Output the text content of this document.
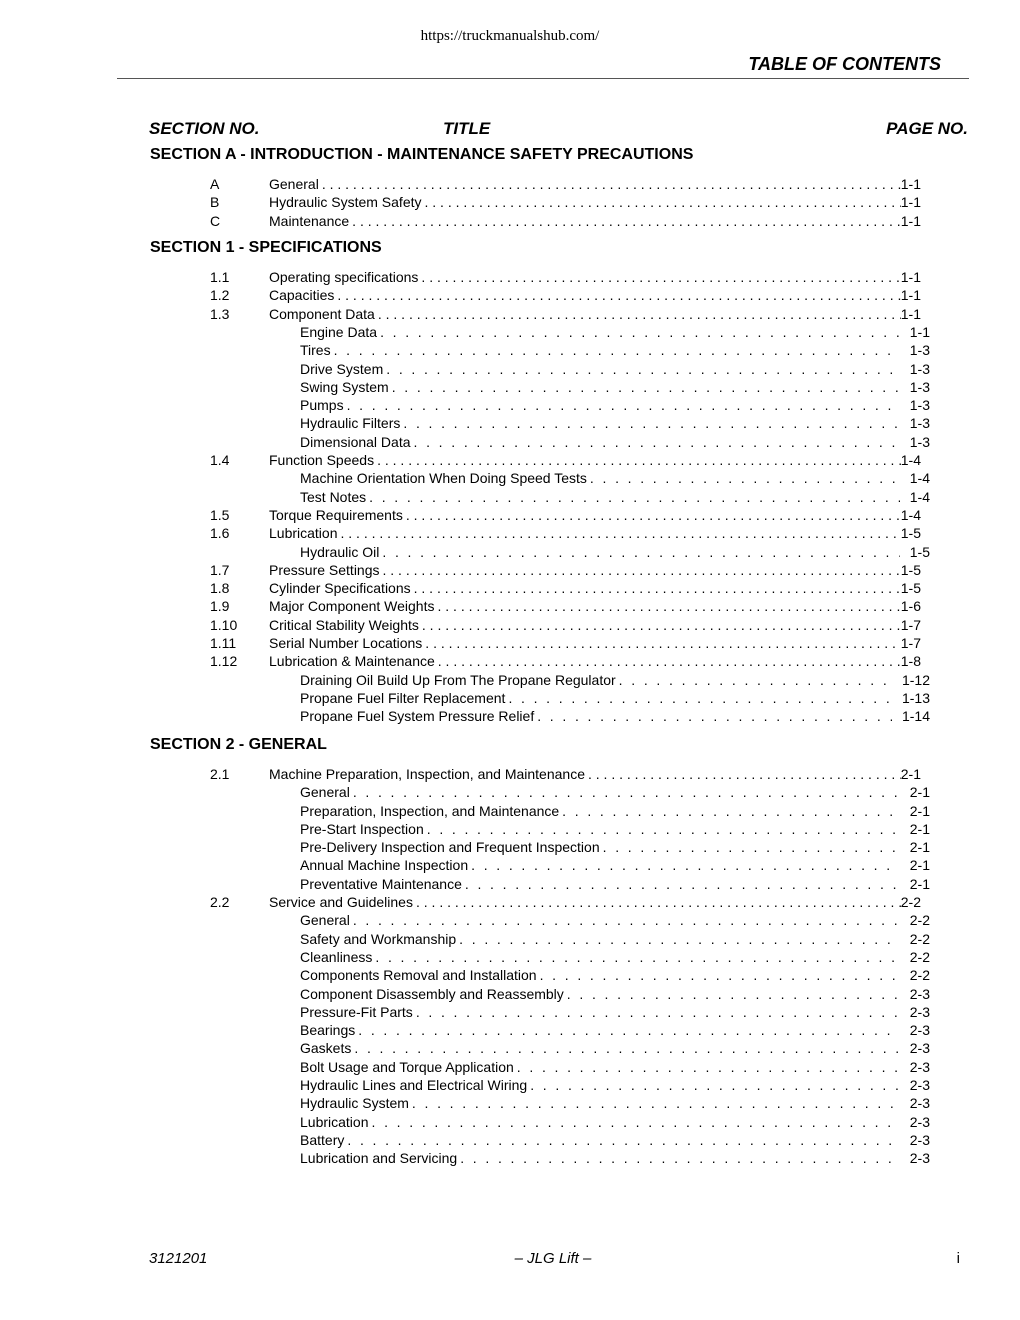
https://truckmanualshub.com/
TABLE OF CONTENTS
SECTION NO.	TITLE	PAGE NO.
SECTION A - INTRODUCTION - MAINTENANCE SAFETY PRECAUTIONS
A	General . . .	1-1
B	Hydraulic System Safety . . .	1-1
C	Maintenance . . .	1-1
SECTION 1 - SPECIFICATIONS
1.1	Operating specifications . . .	1-1
1.2	Capacities . . .	1-1
1.3	Component Data . . .	1-1
Engine Data . . .	1-1
Tires . . .	1-3
Drive System . . .	1-3
Swing System . . .	1-3
Pumps . . .	1-3
Hydraulic Filters . . .	1-3
Dimensional Data . . .	1-3
1.4	Function Speeds . . .	1-4
Machine Orientation When Doing Speed Tests . . .	1-4
Test Notes . . .	1-4
1.5	Torque Requirements . . .	1-4
1.6	Lubrication . . .	1-5
Hydraulic Oil . . .	1-5
1.7	Pressure Settings . . .	1-5
1.8	Cylinder Specifications . . .	1-5
1.9	Major Component Weights . . .	1-6
1.10 Critical Stability Weights . . .	1-7
1.11 Serial Number Locations . . .	1-7
1.12 Lubrication & Maintenance . . .	1-8
Draining Oil Build Up From The Propane Regulator . . .	1-12
Propane Fuel Filter Replacement . . .	1-13
Propane Fuel System Pressure Relief . . .	1-14
SECTION 2 - GENERAL
2.1	Machine Preparation, Inspection, and Maintenance . . .	2-1
General . . .	2-1
Preparation, Inspection, and Maintenance . . .	2-1
Pre-Start Inspection . . .	2-1
Pre-Delivery Inspection and Frequent Inspection . . .	2-1
Annual Machine Inspection . . .	2-1
Preventative Maintenance . . .	2-1
2.2	Service and Guidelines . . .	2-2
General . . .	2-2
Safety and Workmanship . . .	2-2
Cleanliness . . .	2-2
Components Removal and Installation . . .	2-2
Component Disassembly and Reassembly . . .	2-3
Pressure-Fit Parts . . .	2-3
Bearings . . .	2-3
Gaskets . . .	2-3
Bolt Usage and Torque Application . . .	2-3
Hydraulic Lines and Electrical Wiring . . .	2-3
Hydraulic System . . .	2-3
Lubrication . . .	2-3
Battery . . .	2-3
Lubrication and Servicing . . .	2-3
3121201	– JLG Lift –	i
